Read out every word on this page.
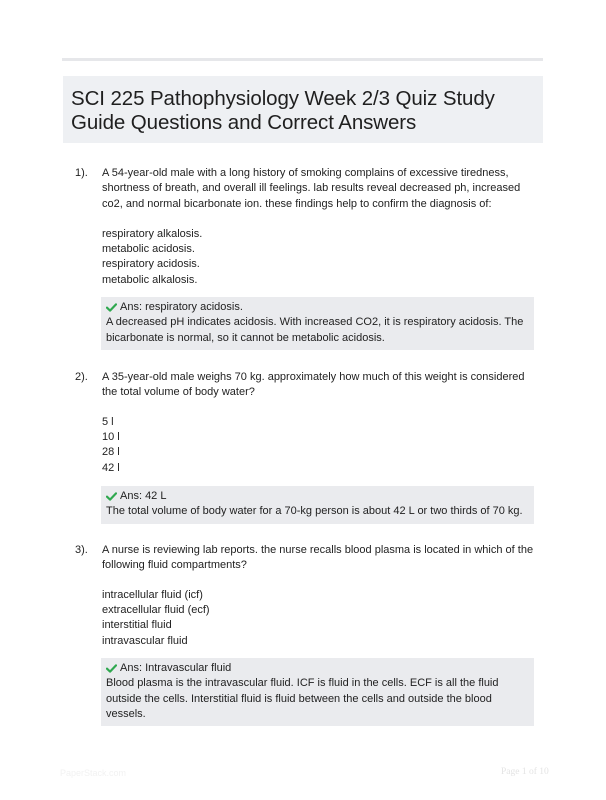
SCI 225 Pathophysiology Week 2/3 Quiz Study Guide Questions and Correct Answers
1). A 54-year-old male with a long history of smoking complains of excessive tiredness, shortness of breath, and overall ill feelings. lab results reveal decreased ph, increased co2, and normal bicarbonate ion. these findings help to confirm the diagnosis of:
respiratory alkalosis.
metabolic acidosis.
respiratory acidosis.
metabolic alkalosis.
Ans: respiratory acidosis.
A decreased pH indicates acidosis. With increased CO2, it is respiratory acidosis. The bicarbonate is normal, so it cannot be metabolic acidosis.
2). A 35-year-old male weighs 70 kg. approximately how much of this weight is considered the total volume of body water?
5 l
10 l
28 l
42 l
Ans: 42 L
The total volume of body water for a 70-kg person is about 42 L or two thirds of 70 kg.
3). A nurse is reviewing lab reports. the nurse recalls blood plasma is located in which of the following fluid compartments?
intracellular fluid (icf)
extracellular fluid (ecf)
interstitial fluid
intravascular fluid
Ans: Intravascular fluid
Blood plasma is the intravascular fluid. ICF is fluid in the cells. ECF is all the fluid outside the cells. Interstitial fluid is fluid between the cells and outside the blood vessels.
PaperStack.com	Page 1 of 10
